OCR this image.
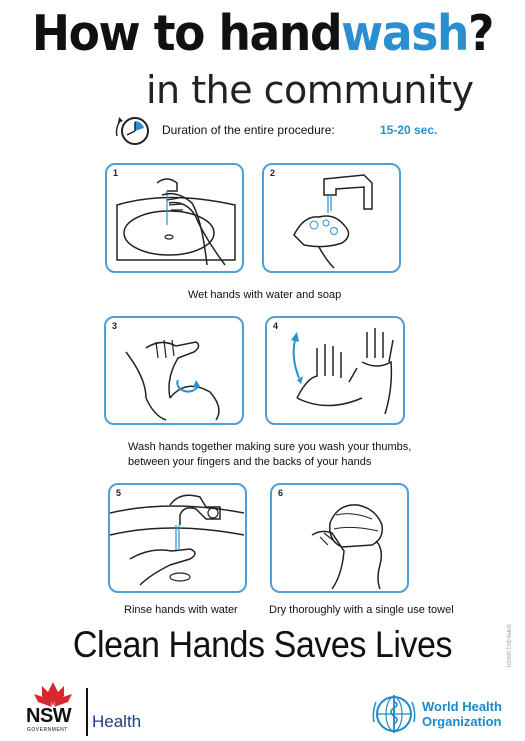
How to handwash?
in the community
Duration of the entire procedure:	15-20 sec.
1	2
Wet hands with water and soap
3	4
Wash hands together making sure you wash your thumbs,
between your fingers and the backs of your hands
5	6
Rinse hands with water	Dry thoroughly with a single use towel
Clean Hands Saves Lives	SHPN (EC) 000001
NSW
GOVERNMENT Health
World Health
Organization
